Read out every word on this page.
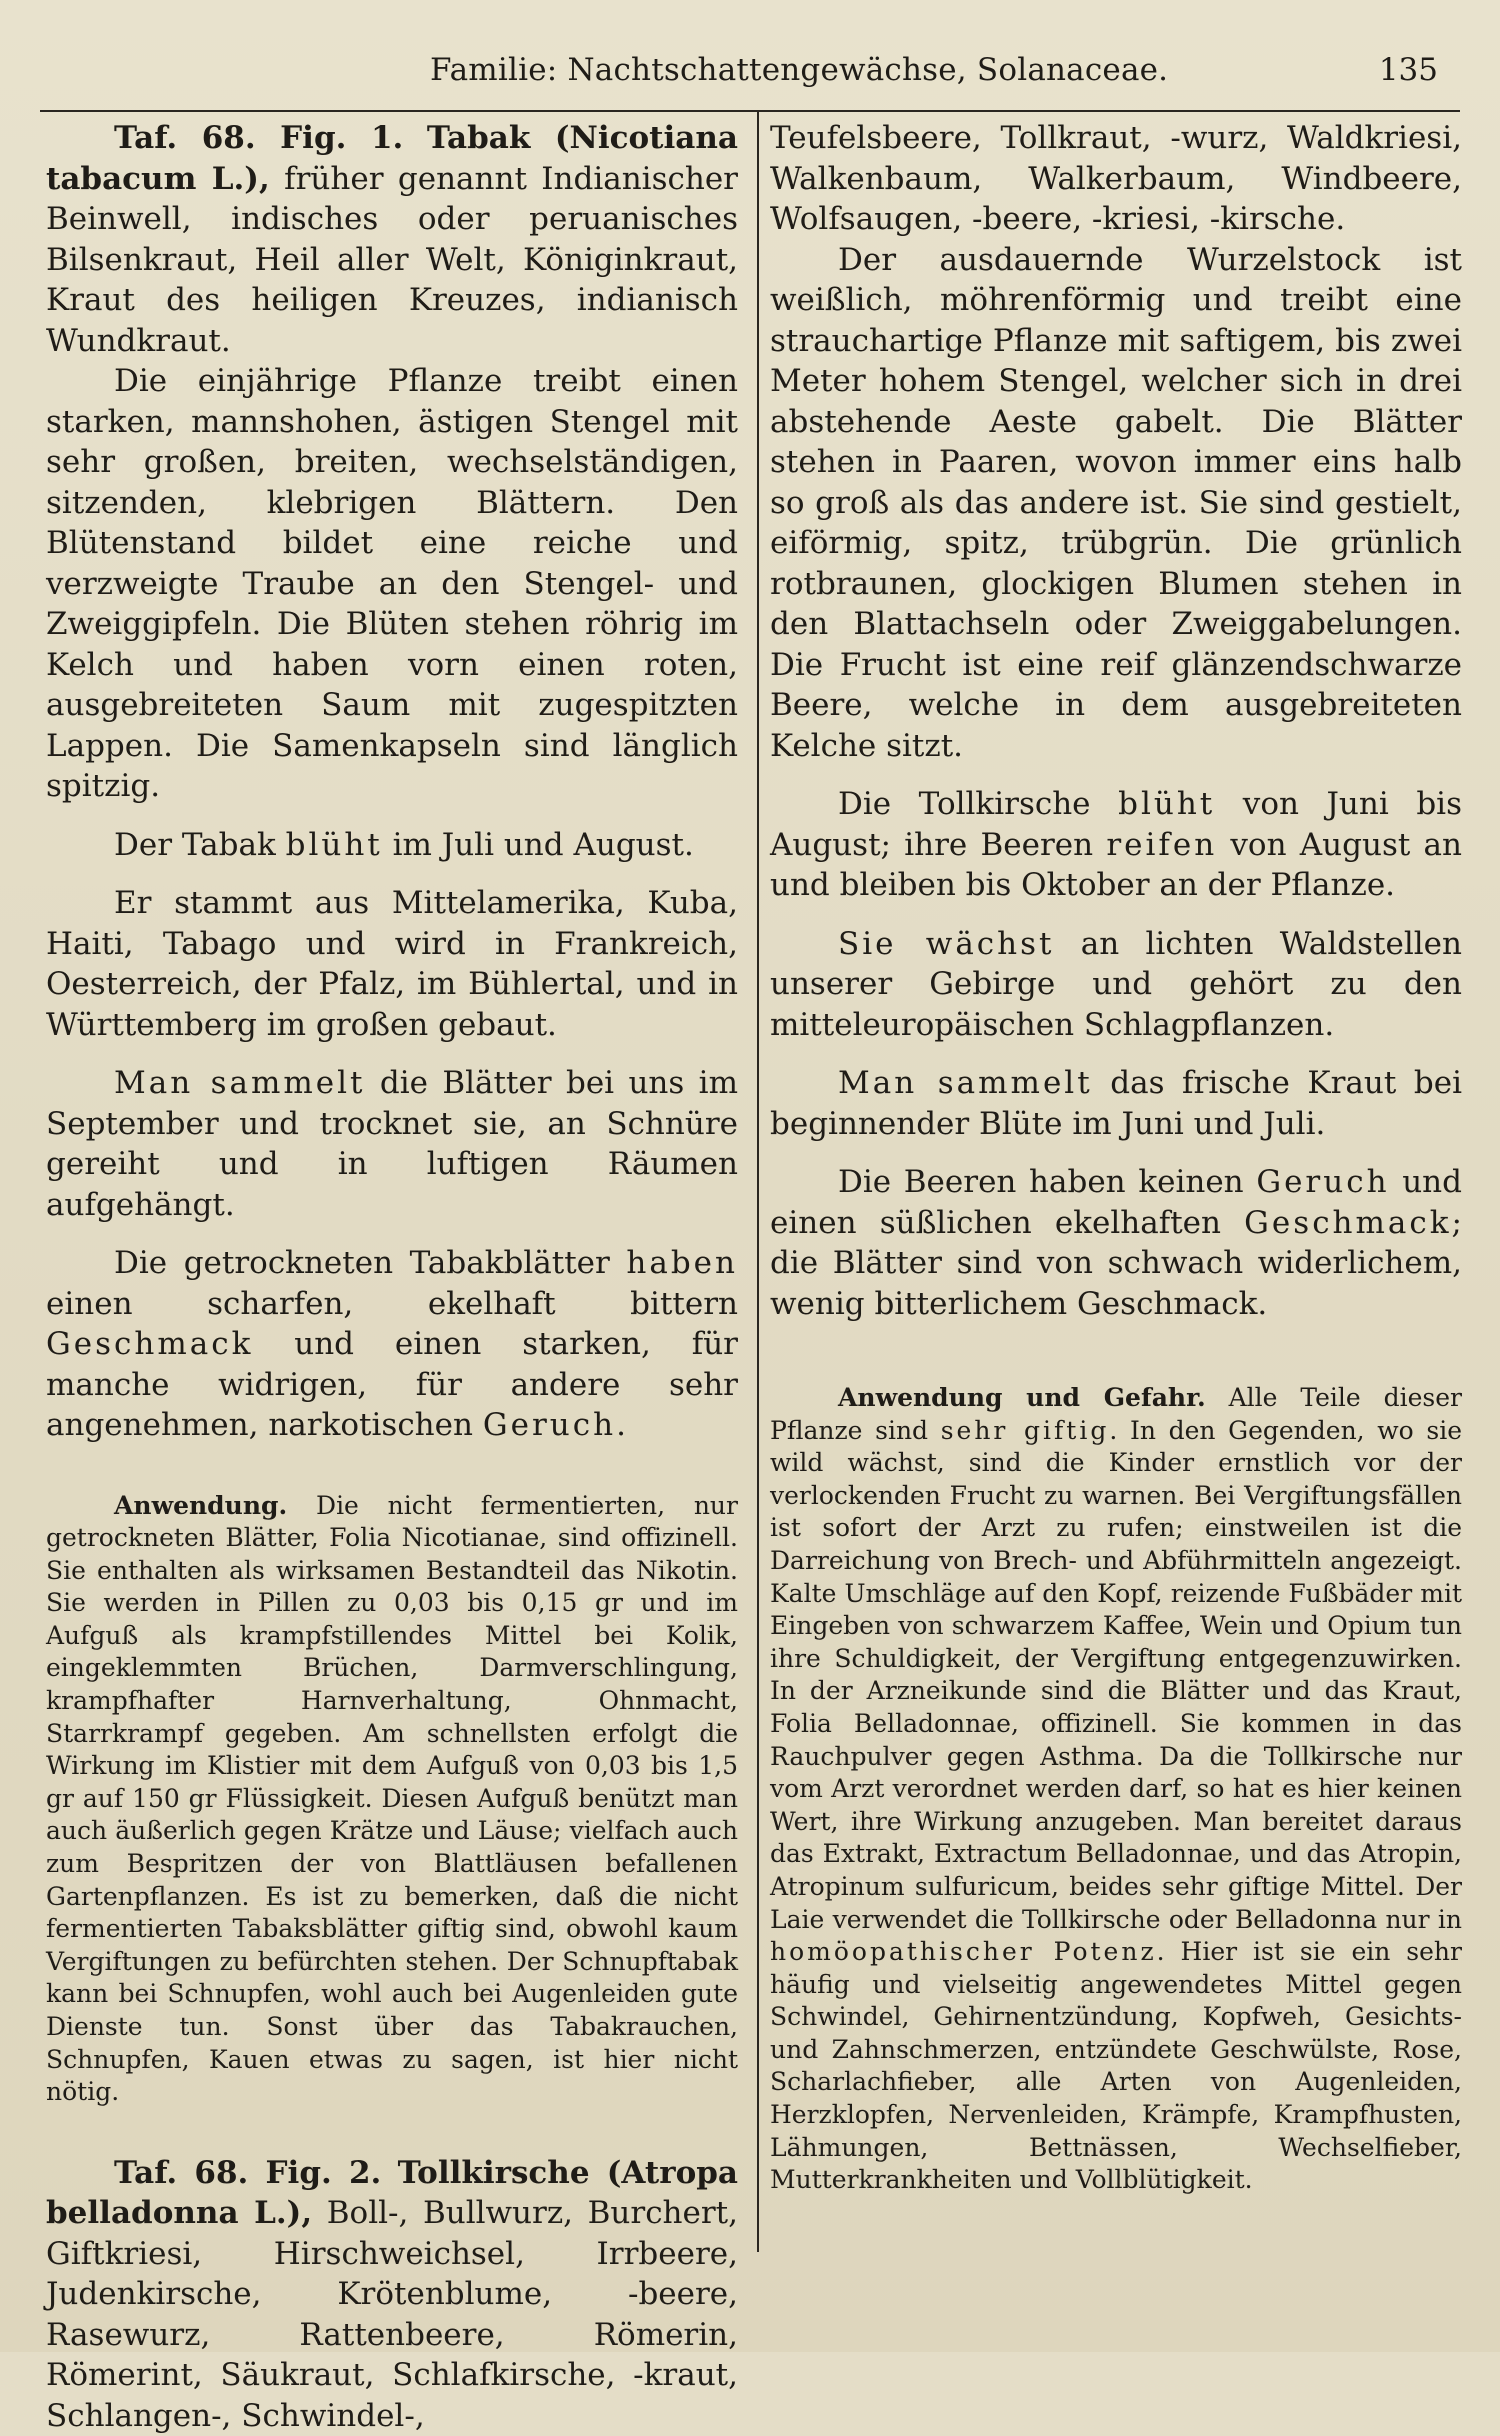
Familie: Nachtschattengewächse, Solanaceae.	135

Taf. 68. Fig. 1. Tabak (Nicotiana tabacum L.), früher genannt Indianischer Beinwell, indisches oder peruanisches Bilsenkraut, Heil aller Welt, Königinkraut, Kraut des heiligen Kreuzes, indianisch Wundkraut.

Die einjährige Pflanze treibt einen starken, mannshohen, ästigen Stengel mit sehr großen, breiten, wechselständigen, sitzenden, klebrigen Blättern. Den Blütenstand bildet eine reiche und verzweigte Traube an den Stengel- und Zweiggipfeln. Die Blüten stehen röhrig im Kelch und haben vorn einen roten, ausgebreiteten Saum mit zugespitzten Lappen. Die Samenkapseln sind länglich spitzig.

Der Tabak blüht im Juli und August.

Er stammt aus Mittelamerika, Kuba, Haiti, Tabago und wird in Frankreich, Oesterreich, der Pfalz, im Bühlertal, und in Württemberg im großen gebaut.

Man sammelt die Blätter bei uns im September und trocknet sie, an Schnüre gereiht und in luftigen Räumen aufgehängt.

Die getrockneten Tabakblätter haben einen scharfen, ekelhaft bittern Geschmack und einen starken, für manche widrigen, für andere sehr angenehmen, narkotischen Geruch.

Anwendung. Die nicht fermentierten, nur getrockneten Blätter, Folia Nicotianae, sind offizinell. Sie enthalten als wirksamen Bestandteil das Nikotin. Sie werden in Pillen zu 0,03 bis 0,15 gr und im Aufguß als krampfstillendes Mittel bei Kolik, eingeklemmten Brüchen, Darmverschlingung, krampfhafter Harnverhaltung, Ohnmacht, Starrkrampf gegeben. Am schnellsten erfolgt die Wirkung im Klistier mit dem Aufguß von 0,03 bis 1,5 gr auf 150 gr Flüssigkeit. Diesen Aufguß benützt man auch äußerlich gegen Krätze und Läuse; vielfach auch zum Bespritzen der von Blattläusen befallenen Gartenpflanzen. Es ist zu bemerken, daß die nicht fermentierten Tabaksblätter giftig sind, obwohl kaum Vergiftungen zu befürchten stehen. Der Schnupftabak kann bei Schnupfen, wohl auch bei Augenleiden gute Dienste tun. Sonst über das Tabakrauchen, Schnupfen, Kauen etwas zu sagen, ist hier nicht nötig.

Taf. 68. Fig. 2. Tollkirsche (Atropa belladonna L.), Boll-, Bullwurz, Burchert, Giftkriesi, Hirschweichsel, Irrbeere, Judenkirsche, Krötenblume, -beere, Rasewurz, Rattenbeere, Römerin, Römerint, Säukraut, Schlafkirsche, -kraut, Schlangen-, Schwindel-,

Teufelsbeere, Tollkraut, -wurz, Waldkriesi, Walkenbaum, Walkerbaum, Windbeere, Wolfsaugen, -beere, -kriesi, -kirsche.

Der ausdauernde Wurzelstock ist weißlich, möhrenförmig und treibt eine strauchartige Pflanze mit saftigem, bis zwei Meter hohem Stengel, welcher sich in drei abstehende Aeste gabelt. Die Blätter stehen in Paaren, wovon immer eins halb so groß als das andere ist. Sie sind gestielt, eiförmig, spitz, trübgrün. Die grünlich rotbraunen, glockigen Blumen stehen in den Blattachseln oder Zweiggabelungen. Die Frucht ist eine reif glänzendschwarze Beere, welche in dem ausgebreiteten Kelche sitzt.

Die Tollkirsche blüht von Juni bis August; ihre Beeren reifen von August an und bleiben bis Oktober an der Pflanze.

Sie wächst an lichten Waldstellen unserer Gebirge und gehört zu den mitteleuropäischen Schlagpflanzen.

Man sammelt das frische Kraut bei beginnender Blüte im Juni und Juli.

Die Beeren haben keinen Geruch und einen süßlichen ekelhaften Geschmack; die Blätter sind von schwach widerlichem, wenig bitterlichem Geschmack.

Anwendung und Gefahr. Alle Teile dieser Pflanze sind sehr giftig. In den Gegenden, wo sie wild wächst, sind die Kinder ernstlich vor der verlockenden Frucht zu warnen. Bei Vergiftungsfällen ist sofort der Arzt zu rufen; einstweilen ist die Darreichung von Brech- und Abführmitteln angezeigt. Kalte Umschläge auf den Kopf, reizende Fußbäder mit Eingeben von schwarzem Kaffee, Wein und Opium tun ihre Schuldigkeit, der Vergiftung entgegenzuwirken. In der Arzneikunde sind die Blätter und das Kraut, Folia Belladonnae, offizinell. Sie kommen in das Rauchpulver gegen Asthma. Da die Tollkirsche nur vom Arzt verordnet werden darf, so hat es hier keinen Wert, ihre Wirkung anzugeben. Man bereitet daraus das Extrakt, Extractum Belladonnae, und das Atropin, Atropinum sulfuricum, beides sehr giftige Mittel. Der Laie verwendet die Tollkirsche oder Belladonna nur in homöopathischer Potenz. Hier ist sie ein sehr häufig und vielseitig angewendetes Mittel gegen Schwindel, Gehirnentzündung, Kopfweh, Gesichts- und Zahnschmerzen, entzündete Geschwülste, Rose, Scharlachfieber, alle Arten von Augenleiden, Herzklopfen, Nervenleiden, Krämpfe, Krampfhusten, Lähmungen, Bettnässen, Wechselfieber, Mutterkrankheiten und Vollblütigkeit.
